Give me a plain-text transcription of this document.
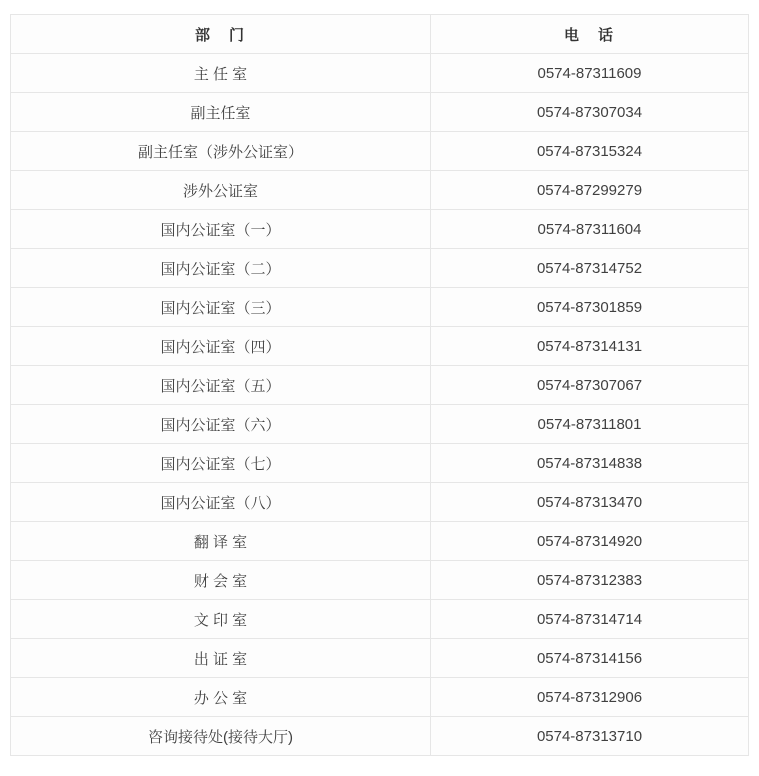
部　门	电　话
主 任 室	0574-87311609
副主任室	0574-87307034
副主任室（涉外公证室）	0574-87315324
涉外公证室	0574-87299279
国内公证室（一）	0574-87311604
国内公证室（二）	0574-87314752
国内公证室（三）	0574-87301859
国内公证室（四）	0574-87314131
国内公证室（五）	0574-87307067
国内公证室（六）	0574-87311801
国内公证室（七）	0574-87314838
国内公证室（八）	0574-87313470
翻 译 室	0574-87314920
财 会 室	0574-87312383
文 印 室	0574-87314714
出 证 室	0574-87314156
办 公 室	0574-87312906
咨询接待处(接待大厅)	0574-87313710
